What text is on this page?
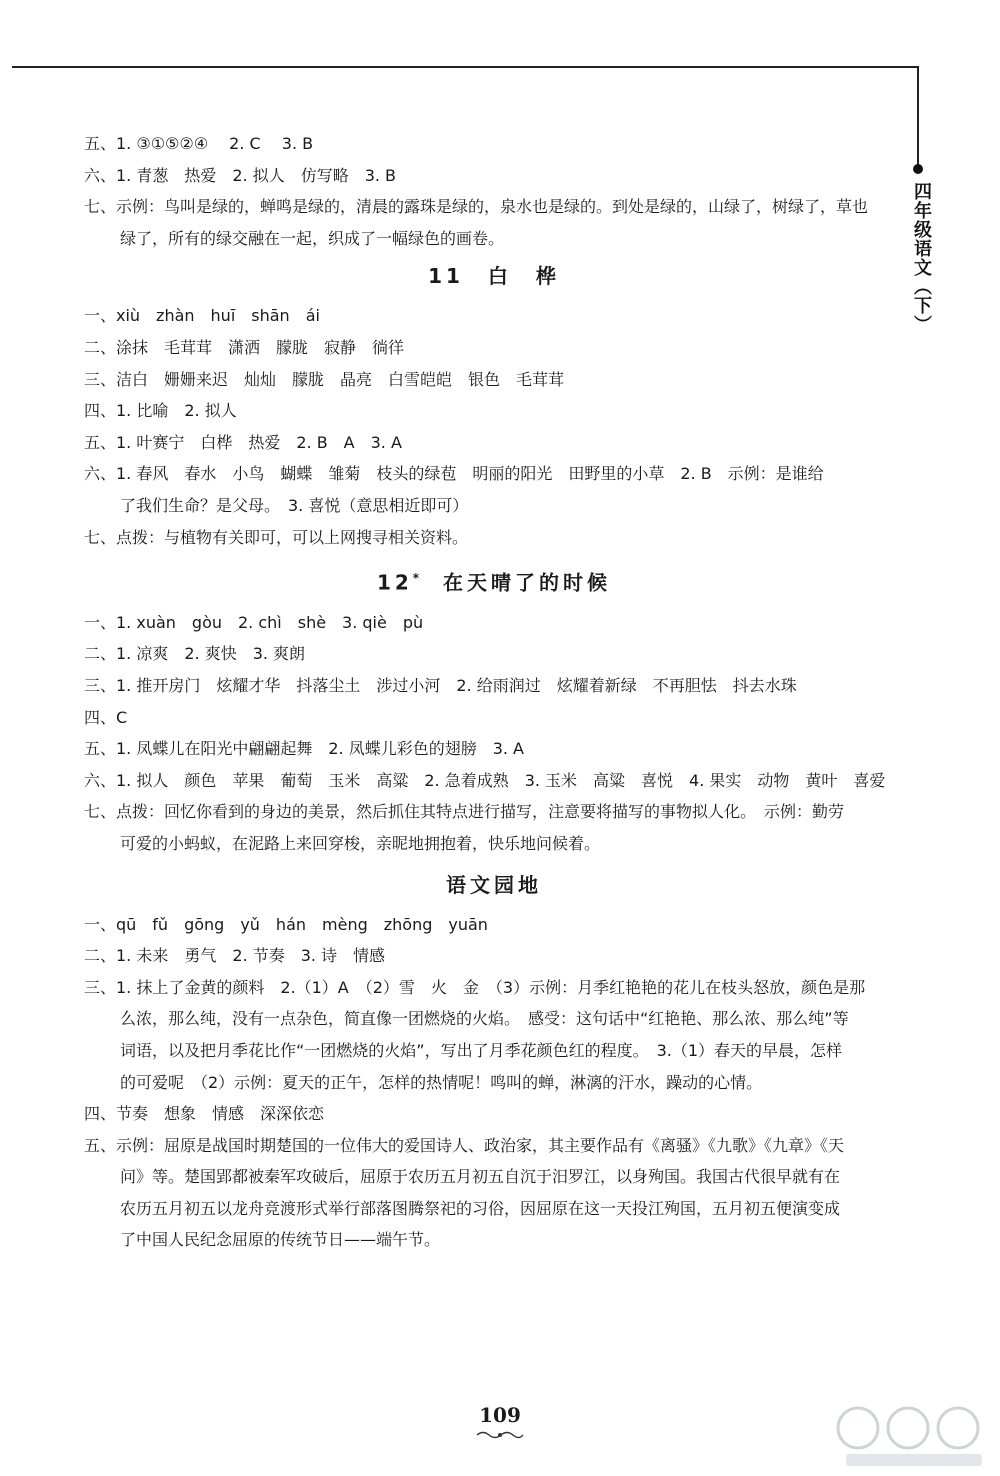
四年级语文（下）
五、1. ③①⑤②④　 2. C　 3. B
六、1. 青葱　热爱　2. 拟人　仿写略　3. B
七、示例：鸟叫是绿的，蝉鸣是绿的，清晨的露珠是绿的，泉水也是绿的。到处是绿的，山绿了，树绿了，草也
绿了，所有的绿交融在一起，织成了一幅绿色的画卷。
11　白　桦
一、xiù　zhàn　huī　shān　ái
二、涂抹　毛茸茸　潇洒　朦胧　寂静　徜徉
三、洁白　姗姗来迟　灿灿　朦胧　晶亮　白雪皑皑　银色　毛茸茸
四、1. 比喻　2. 拟人
五、1. 叶赛宁　白桦　热爱　2. B　A　3. A
六、1. 春风　春水　小鸟　蝴蝶　雏菊　枝头的绿苞　明丽的阳光　田野里的小草　2. B　示例：是谁给
了我们生命？是父母。　3. 喜悦（意思相近即可）
七、点拨：与植物有关即可，可以上网搜寻相关资料。
12*　在天晴了的时候
一、1. xuàn　gòu　2. chì　shè　3. qiè　pù
二、1. 凉爽　2. 爽快　3. 爽朗
三、1. 推开房门　炫耀才华　抖落尘土　涉过小河　2. 给雨润过　炫耀着新绿　不再胆怯　抖去水珠
四、C
五、1. 凤蝶儿在阳光中翩翩起舞　2. 凤蝶儿彩色的翅膀　3. A
六、1. 拟人　颜色　苹果　葡萄　玉米　高粱　2. 急着成熟　3. 玉米　高粱　喜悦　4. 果实　动物　黄叶　喜爱
七、点拨：回忆你看到的身边的美景，然后抓住其特点进行描写，注意要将描写的事物拟人化。　示例：勤劳
可爱的小蚂蚁，在泥路上来回穿梭，亲昵地拥抱着，快乐地问候着。
语文园地
一、qū　fǔ　gōng　yǔ　hán　mèng　zhōng　yuān
二、1. 未来　勇气　2. 节奏　3. 诗　情感
三、1. 抹上了金黄的颜料　2.（1）A　（2）雪　火　金　（3）示例：月季红艳艳的花儿在枝头怒放，颜色是那
么浓，那么纯，没有一点杂色，简直像一团燃烧的火焰。　感受：这句话中“红艳艳、那么浓、那么纯”等
词语，以及把月季花比作“一团燃烧的火焰”，写出了月季花颜色红的程度。　3.（1）春天的早晨，怎样
的可爱呢　（2）示例：夏天的正午，怎样的热情呢！鸣叫的蝉，淋漓的汗水，躁动的心情。
四、节奏　想象　情感　深深依恋
五、示例：屈原是战国时期楚国的一位伟大的爱国诗人、政治家，其主要作品有《离骚》《九歌》《九章》《天
问》等。楚国郢都被秦军攻破后，屈原于农历五月初五自沉于汨罗江，以身殉国。我国古代很早就有在
农历五月初五以龙舟竞渡形式举行部落图腾祭祀的习俗，因屈原在这一天投江殉国，五月初五便演变成
了中国人民纪念屈原的传统节日——端午节。
109
